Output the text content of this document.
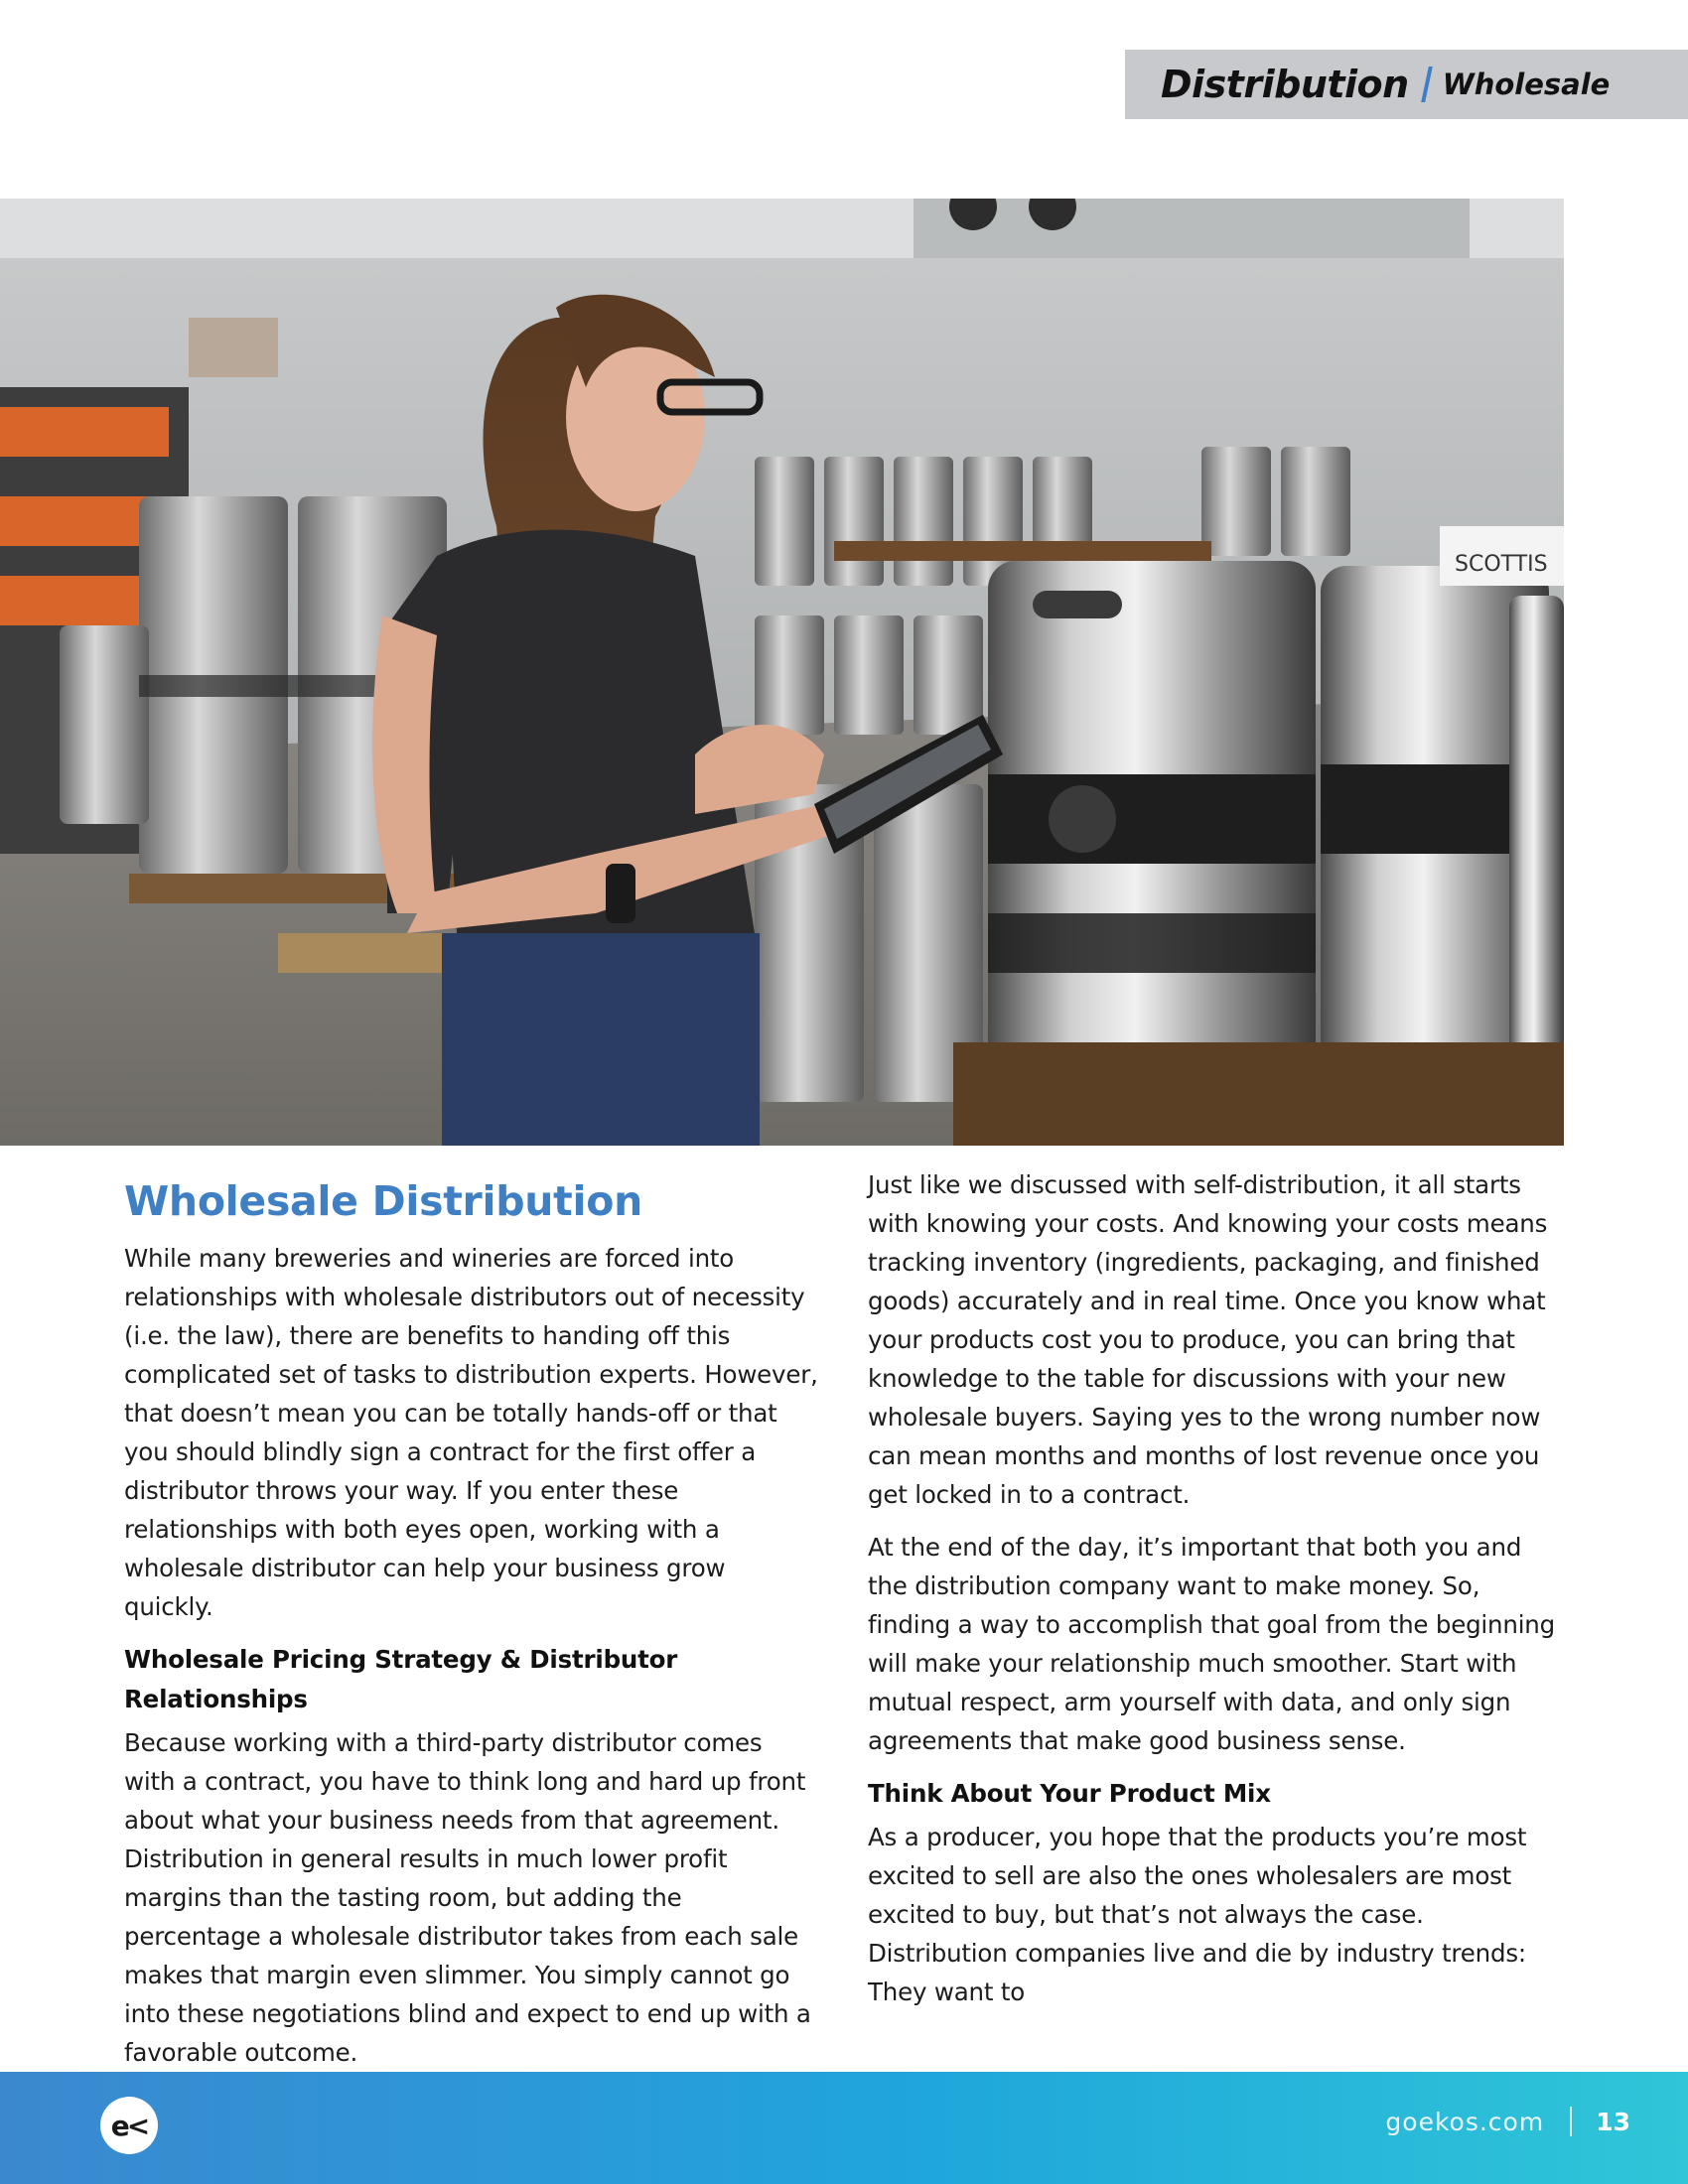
Distribution Wholesale
SCOTTIS
Wholesale Distribution

While many breweries and wineries are forced into relationships with wholesale distributors out of necessity (i.e. the law), there are benefits to handing off this complicated set of tasks to distribution experts. However, that doesn’t mean you can be totally hands-off or that you should blindly sign a contract for the first offer a distributor throws your way. If you enter these relationships with both eyes open, working with a wholesale distributor can help your business grow quickly.

Wholesale Pricing Strategy & Distributor Relationships

Because working with a third-party distributor comes with a contract, you have to think long and hard up front about what your business needs from that agreement. Distribution in general results in much lower profit margins than the tasting room, but adding the percentage a wholesale distributor takes from each sale makes that margin even slimmer. You simply cannot go into these negotiations blind and expect to end up with a favorable outcome.

Just like we discussed with self-distribution, it all starts with knowing your costs. And knowing your costs means tracking inventory (ingredients, packaging, and finished goods) accurately and in real time. Once you know what your products cost you to produce, you can bring that knowledge to the table for discussions with your new wholesale buyers. Saying yes to the wrong number now can mean months and months of lost revenue once you get locked in to a contract.

At the end of the day, it’s important that both you and the distribution company want to make money. So, finding a way to accomplish that goal from the beginning will make your relationship much smoother. Start with mutual respect, arm yourself with data, and only sign agreements that make good business sense.

Think About Your Product Mix

As a producer, you hope that the products you’re most excited to sell are also the ones wholesalers are most excited to buy, but that’s not always the case. Distribution companies live and die by industry trends: They want to

e<	goekos.com 13
